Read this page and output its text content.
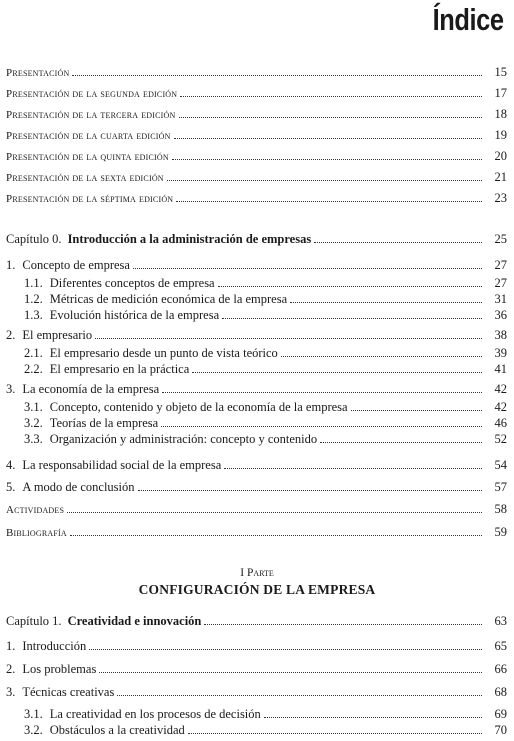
Índice
Presentación	15
Presentación de la segunda edición	17
Presentación de la tercera edición	18
Presentación de la cuarta edición	19
Presentación de la quinta edición	20
Presentación de la sexta edición	21
Presentación de la séptima edición	23
Capítulo 0. Introducción a la administración de empresas	25
1. Concepto de empresa	27
1.1. Diferentes conceptos de empresa	27
1.2. Métricas de medición económica de la empresa	31
1.3. Evolución histórica de la empresa	36
2. El empresario	38
2.1. El empresario desde un punto de vista teórico	39
2.2. El empresario en la práctica	41
3. La economía de la empresa	42
3.1. Concepto, contenido y objeto de la economía de la empresa	42
3.2. Teorías de la empresa	46
3.3. Organización y administración: concepto y contenido	52
4. La responsabilidad social de la empresa	54
5. A modo de conclusión	57
Actividades	58
Bibliografía	59
I Parte
CONFIGURACIÓN DE LA EMPRESA
Capítulo 1. Creatividad e innovación	63
1. Introducción	65
2. Los problemas	66
3. Técnicas creativas	68
3.1. La creatividad en los procesos de decisión	69
3.2. Obstáculos a la creatividad	70
